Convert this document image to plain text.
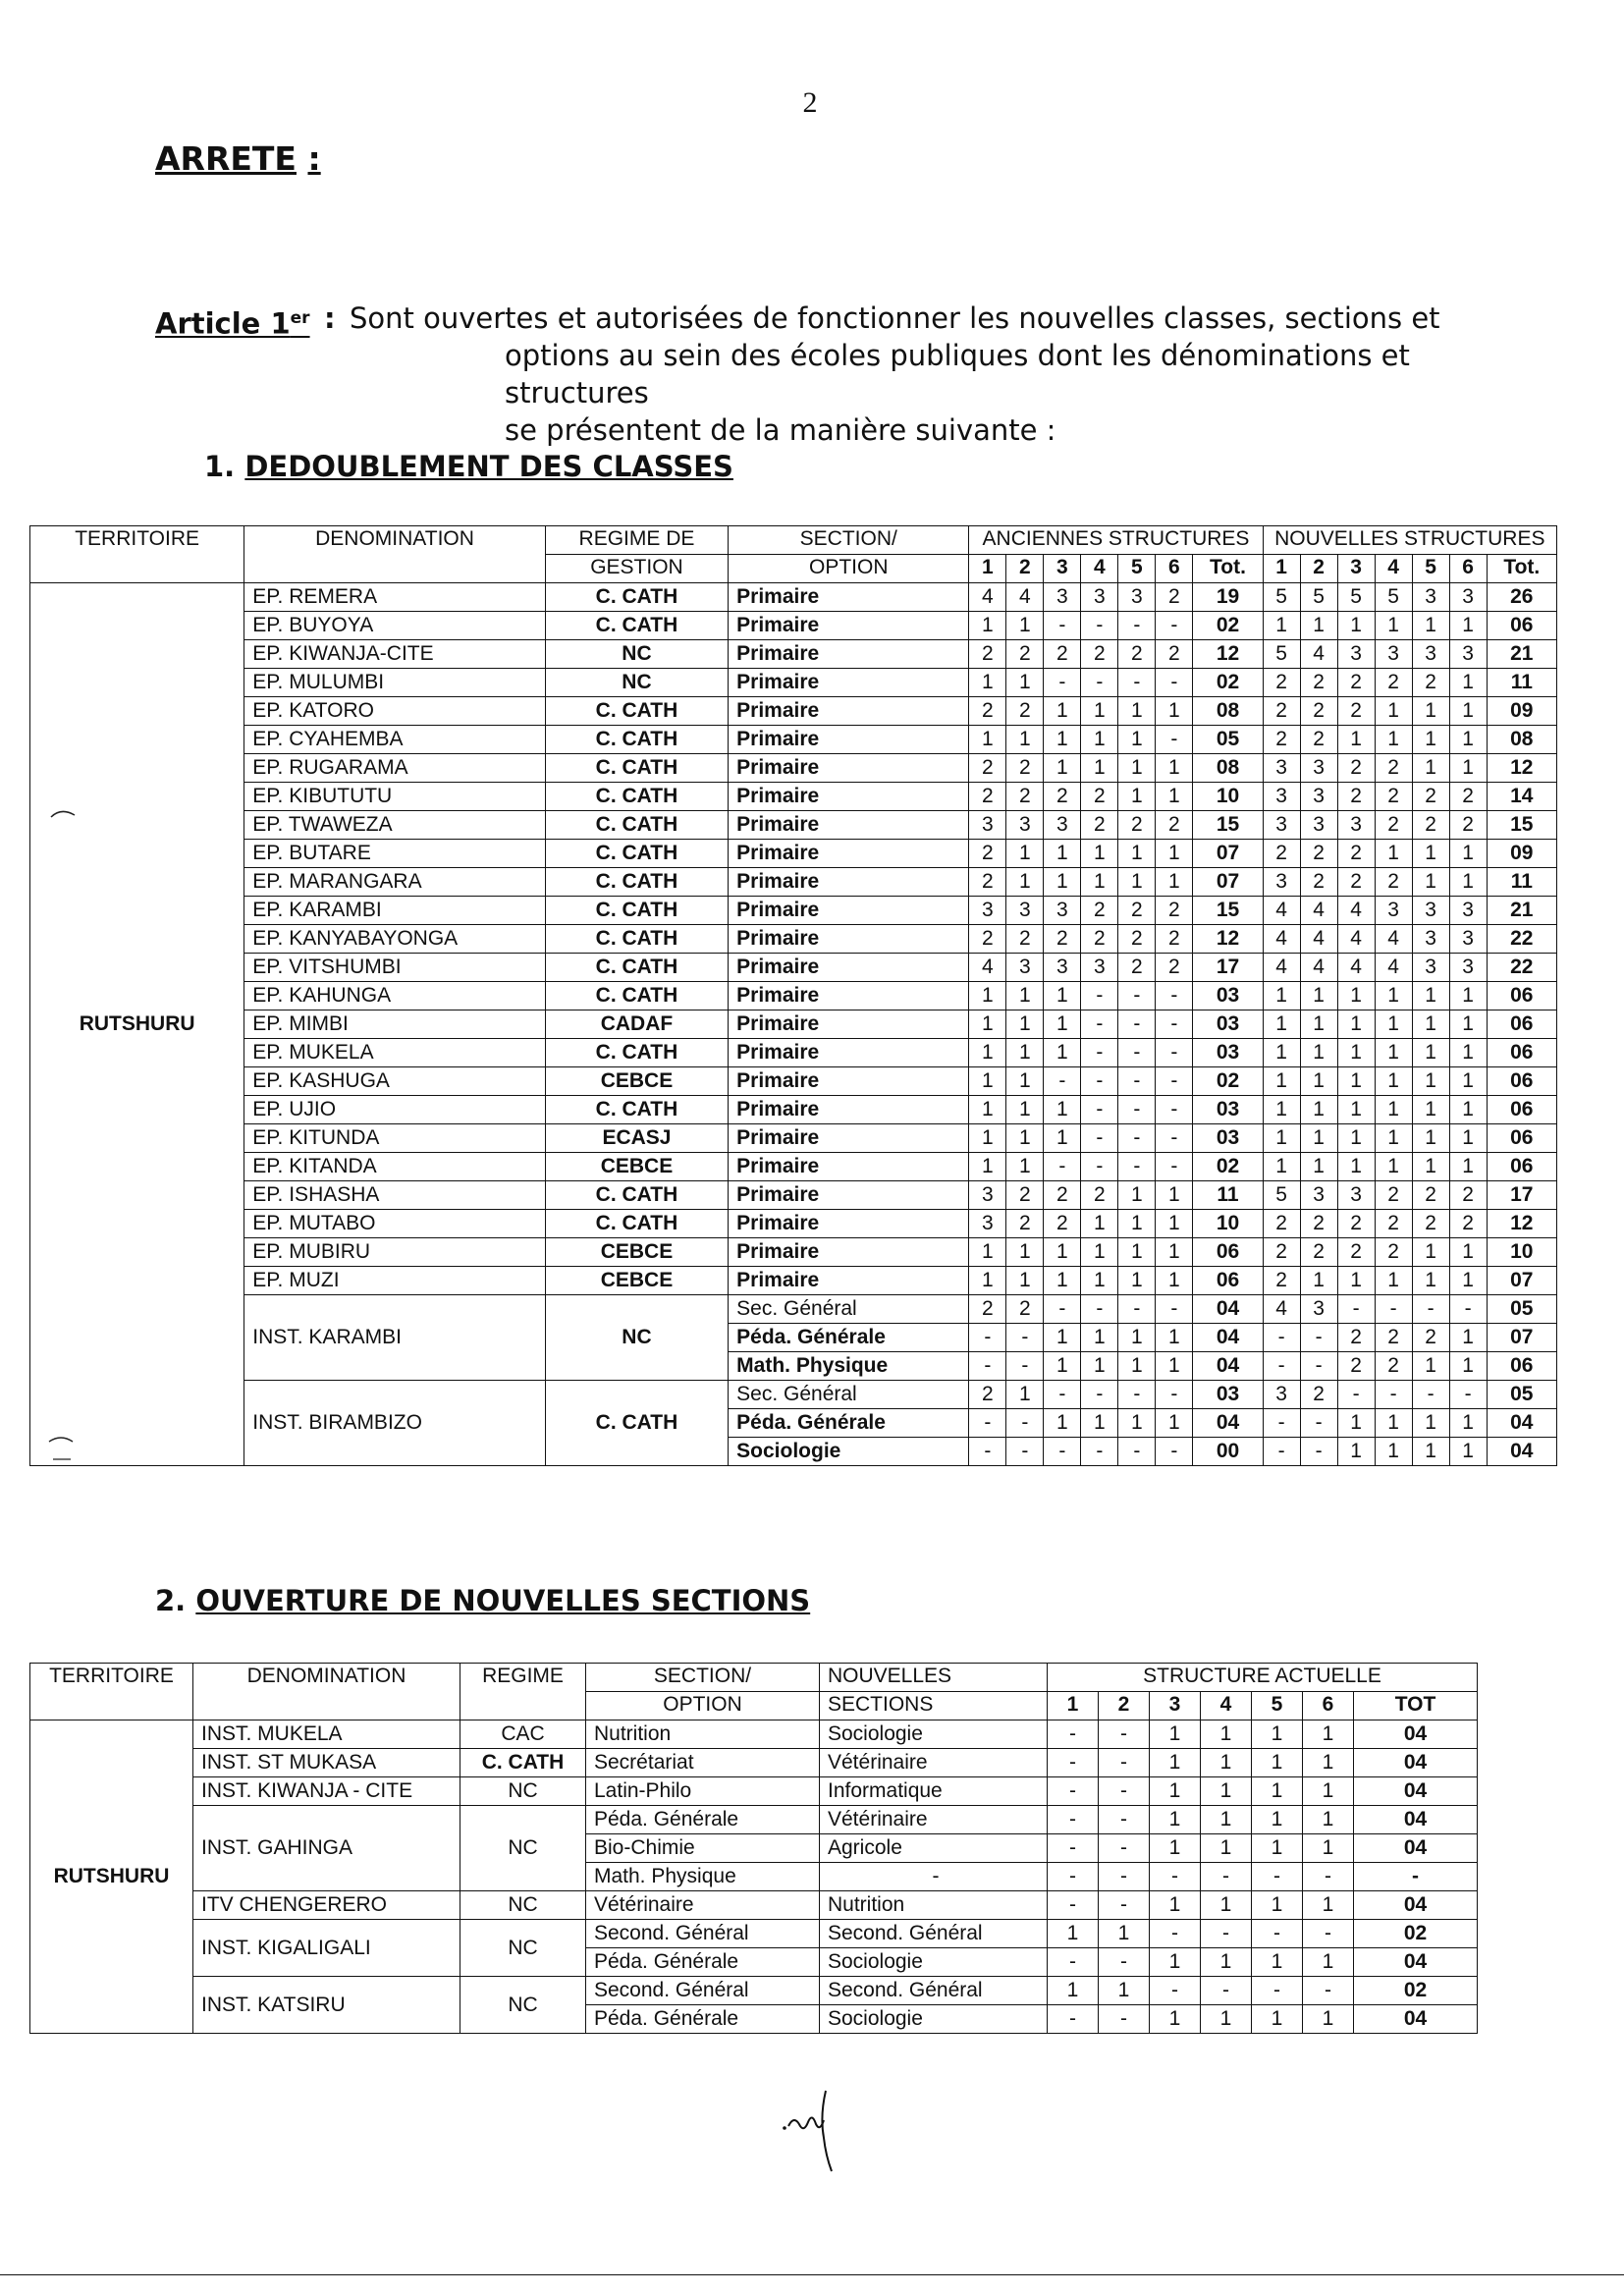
2
ARRETE :
Article 1er : Sont ouvertes et autorisées de fonctionner les nouvelles classes, sections et
options au sein des écoles publiques dont les dénominations et structures
se présentent de la manière suivante :
1. DEDOUBLEMENT DES CLASSES
TERRITOIRE	DENOMINATION	REGIME DE	SECTION/	ANCIENNES STRUCTURES							NOUVELLES STRUCTURES						
		GESTION	OPTION	1	2	3	4	5	6	Tot.	1	2	3	4	5	6	Tot.
RUTSHURU	EP. REMERA	C. CATH	Primaire	4	4	3	3	3	2	19	5	5	5	5	3	3	26
	EP. BUYOYA	C. CATH	Primaire	1	1	-	-	-	-	02	1	1	1	1	1	1	06
	EP. KIWANJA-CITE	NC	Primaire	2	2	2	2	2	2	12	5	4	3	3	3	3	21
	EP. MULUMBI	NC	Primaire	1	1	-	-	-	-	02	2	2	2	2	2	1	11
	EP. KATORO	C. CATH	Primaire	2	2	1	1	1	1	08	2	2	2	1	1	1	09
	EP. CYAHEMBA	C. CATH	Primaire	1	1	1	1	1	-	05	2	2	1	1	1	1	08
	EP. RUGARAMA	C. CATH	Primaire	2	2	1	1	1	1	08	3	3	2	2	1	1	12
	EP. KIBUTUTU	C. CATH	Primaire	2	2	2	2	1	1	10	3	3	2	2	2	2	14
	EP. TWAWEZA	C. CATH	Primaire	3	3	3	2	2	2	15	3	3	3	2	2	2	15
	EP. BUTARE	C. CATH	Primaire	2	1	1	1	1	1	07	2	2	2	1	1	1	09
	EP. MARANGARA	C. CATH	Primaire	2	1	1	1	1	1	07	3	2	2	2	1	1	11
	EP. KARAMBI	C. CATH	Primaire	3	3	3	2	2	2	15	4	4	4	3	3	3	21
	EP. KANYABAYONGA	C. CATH	Primaire	2	2	2	2	2	2	12	4	4	4	4	3	3	22
	EP. VITSHUMBI	C. CATH	Primaire	4	3	3	3	2	2	17	4	4	4	4	3	3	22
	EP. KAHUNGA	C. CATH	Primaire	1	1	1	-	-	-	03	1	1	1	1	1	1	06
	EP. MIMBI	CADAF	Primaire	1	1	1	-	-	-	03	1	1	1	1	1	1	06
	EP. MUKELA	C. CATH	Primaire	1	1	1	-	-	-	03	1	1	1	1	1	1	06
	EP. KASHUGA	CEBCE	Primaire	1	1	-	-	-	-	02	1	1	1	1	1	1	06
	EP. UJIO	C. CATH	Primaire	1	1	1	-	-	-	03	1	1	1	1	1	1	06
	EP. KITUNDA	ECASJ	Primaire	1	1	1	-	-	-	03	1	1	1	1	1	1	06
	EP. KITANDA	CEBCE	Primaire	1	1	-	-	-	-	02	1	1	1	1	1	1	06
	EP. ISHASHA	C. CATH	Primaire	3	2	2	2	1	1	11	5	3	3	2	2	2	17
	EP. MUTABO	C. CATH	Primaire	3	2	2	1	1	1	10	2	2	2	2	2	2	12
	EP. MUBIRU	CEBCE	Primaire	1	1	1	1	1	1	06	2	2	2	2	1	1	10
	EP. MUZI	CEBCE	Primaire	1	1	1	1	1	1	06	2	1	1	1	1	1	07
	INST. KARAMBI	NC	Sec. Général	2	2	-	-	-	-	04	4	3	-	-	-	-	05
			Péda. Générale	-	-	1	1	1	1	04	-	-	2	2	2	1	07
			Math. Physique	-	-	1	1	1	1	04	-	-	2	2	1	1	06
	INST. BIRAMBIZO	C. CATH	Sec. Général	2	1	-	-	-	-	03	3	2	-	-	-	-	05
			Péda. Générale	-	-	1	1	1	1	04	-	-	1	1	1	1	04
			Sociologie	-	-	-	-	-	-	00	-	-	1	1	1	1	04
2. OUVERTURE DE NOUVELLES SECTIONS
TERRITOIRE	DENOMINATION	REGIME	SECTION/	NOUVELLES	STRUCTURE ACTUELLE						
			OPTION	SECTIONS	1	2	3	4	5	6	TOT
RUTSHURU	INST. MUKELA	CAC	Nutrition	Sociologie	-	-	1	1	1	1	04
	INST. ST MUKASA	C. CATH	Secrétariat	Vétérinaire	-	-	1	1	1	1	04
	INST. KIWANJA - CITE	NC	Latin-Philo	Informatique	-	-	1	1	1	1	04
	INST. GAHINGA	NC	Péda. Générale	Vétérinaire	-	-	1	1	1	1	04
			Bio-Chimie	Agricole	-	-	1	1	1	1	04
			Math. Physique	-	-	-	-	-	-	-	-
	ITV CHENGERERO	NC	Vétérinaire	Nutrition	-	-	1	1	1	1	04
	INST. KIGALIGALI	NC	Second. Général	Second. Général	1	1	-	-	-	-	02
			Péda. Générale	Sociologie	-	-	1	1	1	1	04
	INST. KATSIRU	NC	Second. Général	Second. Général	1	1	-	-	-	-	02
			Péda. Générale	Sociologie	-	-	1	1	1	1	04
